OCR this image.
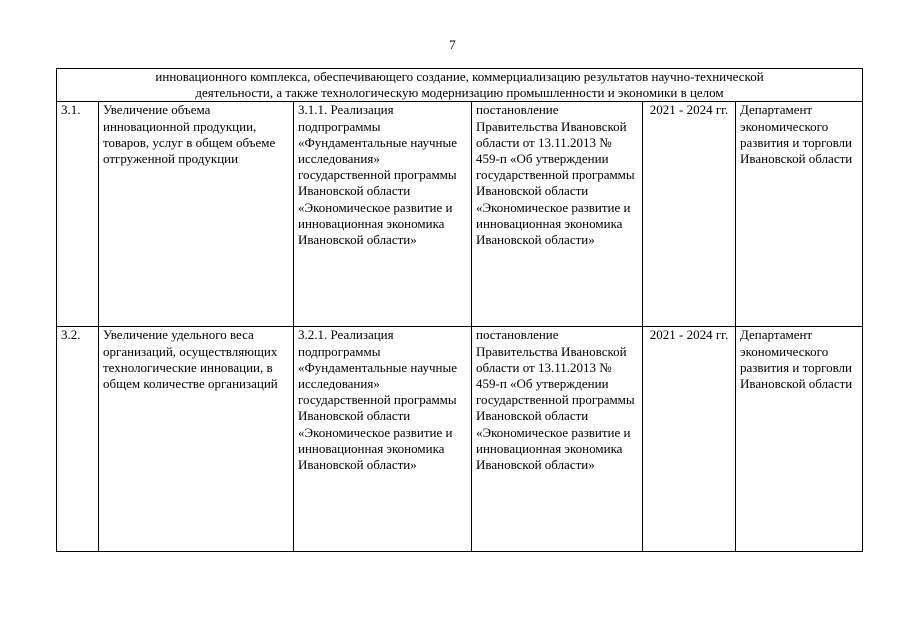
7
инновационного комплекса, обеспечивающего создание, коммерциализацию результатов научно-технической
деятельности, а также технологическую модернизацию промышленности и экономики в целом					

3.1.	Увеличение объема инновационной продукции, товаров, услуг в общем объеме отгруженной продукции	3.1.1. Реализация подпрограммы «Фундаментальные научные исследования» государственной программы Ивановской области «Экономическое развитие и инновационная экономика Ивановской области»	постановление Правительства Ивановской области от 13.11.2013 № 459-п «Об утверждении государственной программы Ивановской области «Экономическое развитие и инновационная экономика Ивановской области»	2021 - 2024 гг.	Департамент экономического развития и торговли Ивановской области
3.2.	Увеличение удельного веса организаций, осуществляющих технологические инновации, в общем количестве организаций	3.2.1. Реализация подпрограммы «Фундаментальные научные исследования» государственной программы Ивановской области «Экономическое развитие и инновационная экономика Ивановской области»	постановление Правительства Ивановской области от 13.11.2013 № 459-п «Об утверждении государственной программы Ивановской области «Экономическое развитие и инновационная экономика Ивановской области»	2021 - 2024 гг.	Департамент экономического развития и торговли Ивановской области
